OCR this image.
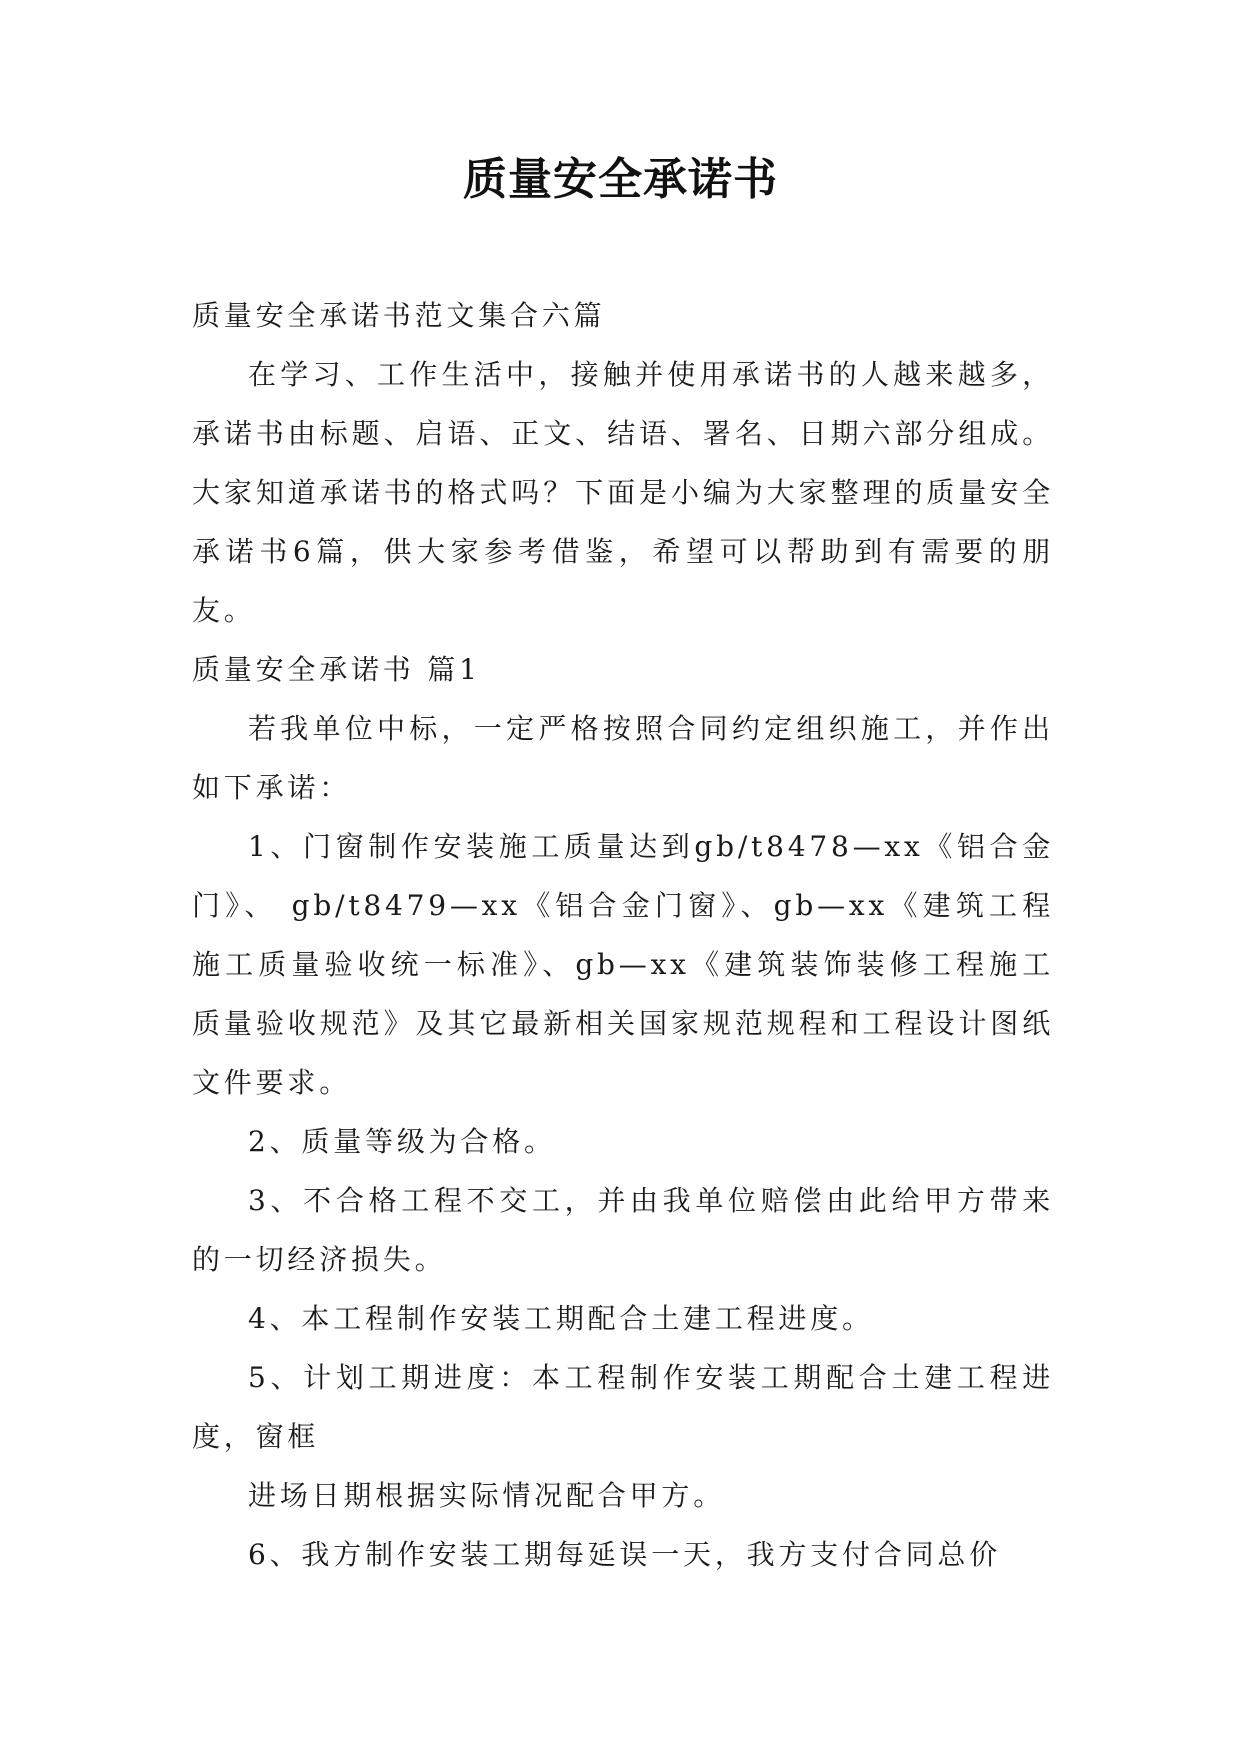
质量安全承诺书

质量安全承诺书范文集合六篇

在学习、工作生活中，接触并使用承诺书的人越来越多，承诺书由标题、启语、正文、结语、署名、日期六部分组成。大家知道承诺书的格式吗？下面是小编为大家整理的质量安全承诺书6篇，供大家参考借鉴，希望可以帮助到有需要的朋友。

质量安全承诺书 篇1

若我单位中标，一定严格按照合同约定组织施工，并作出如下承诺：

1、门窗制作安装施工质量达到gb/t8478—xx《铝合金门》、 gb/t8479—xx《铝合金门窗》、gb—xx《建筑工程施工质量验收统一标准》、gb—xx《建筑装饰装修工程施工质量验收规范》及其它最新相关国家规范规程和工程设计图纸文件要求。

2、质量等级为合格。

3、不合格工程不交工，并由我单位赔偿由此给甲方带来的一切经济损失。

4、本工程制作安装工期配合土建工程进度。

5、计划工期进度：本工程制作安装工期配合土建工程进度，窗框

进场日期根据实际情况配合甲方。

6、我方制作安装工期每延误一天，我方支付合同总价
